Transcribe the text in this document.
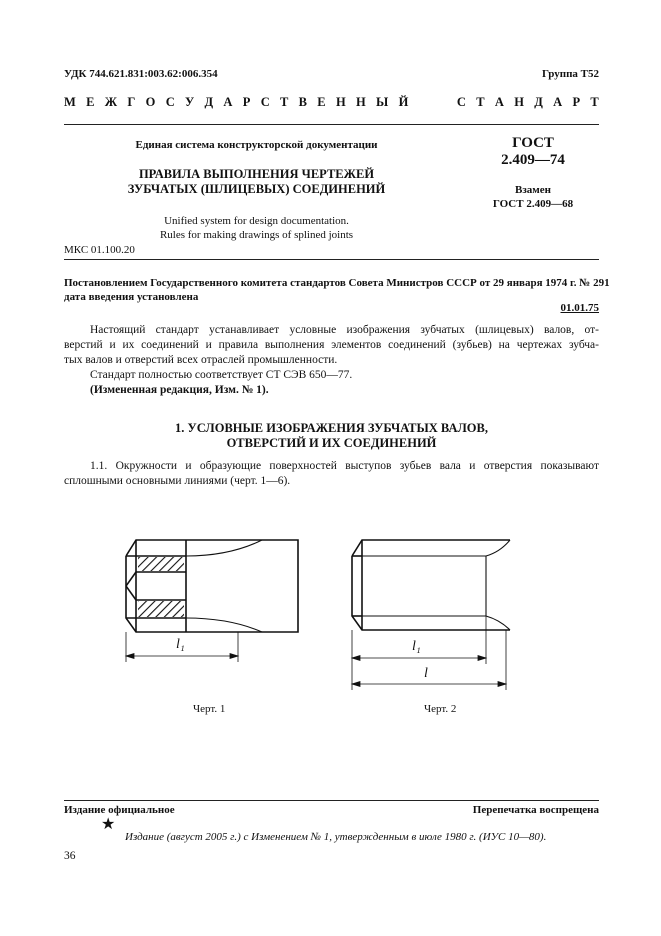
УДК 744.621.831:003.62:006.354	Группа Т52
М Е Ж Г О С У Д А Р С Т В Е Н Н Ы Й	С Т А Н Д А Р Т
Единая система конструкторской документации
ПРАВИЛА ВЫПОЛНЕНИЯ ЧЕРТЕЖЕЙ
ЗУБЧАТЫХ (ШЛИЦЕВЫХ) СОЕДИНЕНИЙ
ГОСТ
2.409—74
Взамен
ГОСТ 2.409—68
Unified system for design documentation.
Rules for making drawings of splined joints
МКС 01.100.20
Постановлением Государственного комитета стандартов Совета Министров СССР от 29 января 1974 г. № 291
дата введения установлена
01.01.75
Настоящий стандарт устанавливает условные изображения зубчатых (шлицевых) валов, от-
верстий и их соединений и правила выполнения элементов соединений (зубьев) на чертежах зубча-
тых валов и отверстий всех отраслей промышленности.
Стандарт полностью соответствует СТ СЭВ 650—77.
(Измененная редакция, Изм. № 1).
1. УСЛОВНЫЕ ИЗОБРАЖЕНИЯ ЗУБЧАТЫХ ВАЛОВ,
ОТВЕРСТИЙ И ИХ СОЕДИНЕНИЙ
1.1. Окружности и образующие поверхностей выступов зубьев вала и отверстия показывают
сплошными основными линиями (черт. 1—6).
l₁
Черт. 1
l₁
l
Черт. 2
Издание официальное	Перепечатка воспрещена
★
Издание (август 2005 г.) с Изменением № 1, утвержденным в июле 1980 г. (ИУС 10—80).
36
